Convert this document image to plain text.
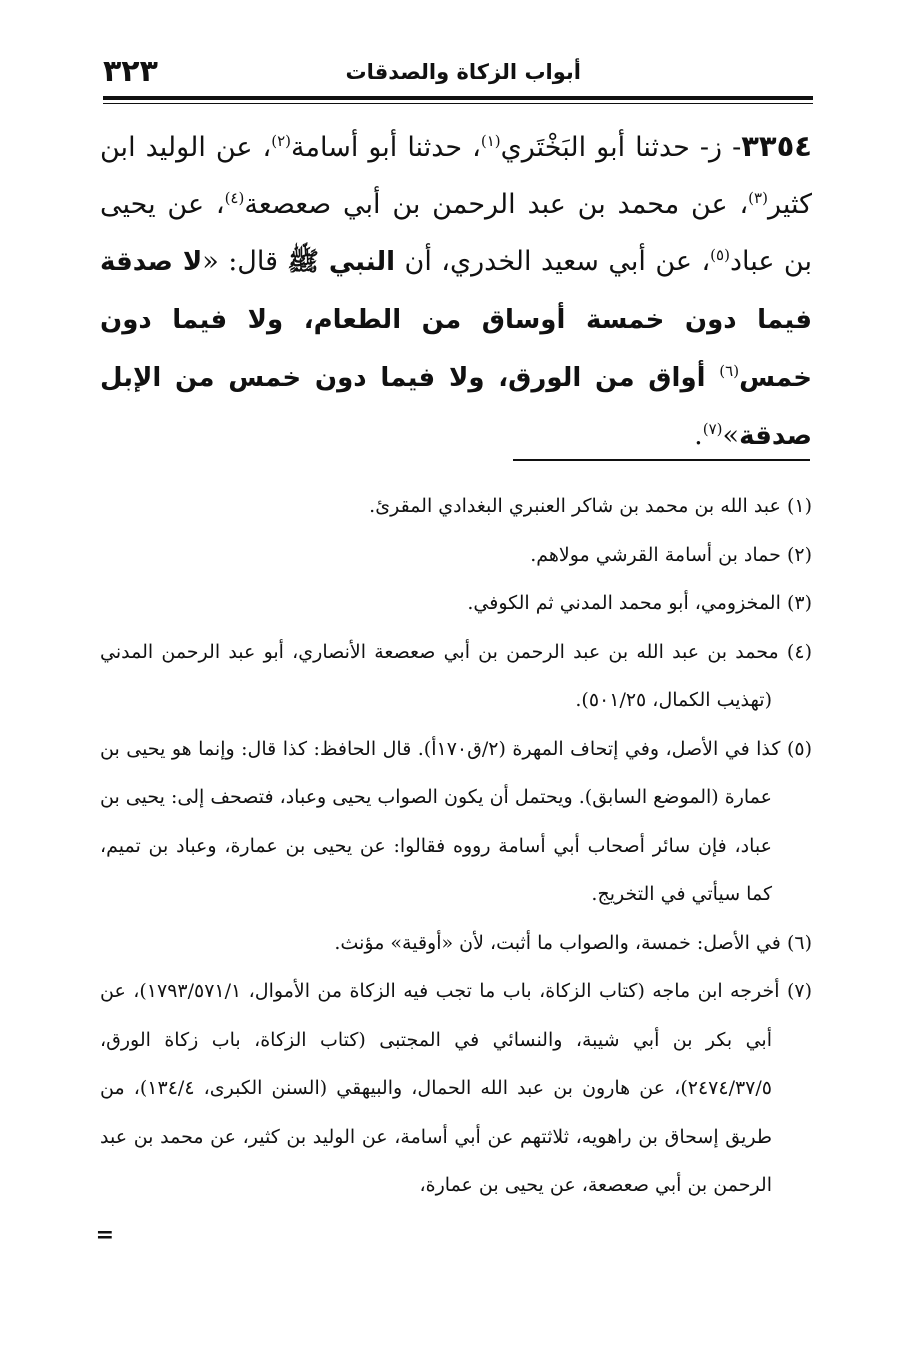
أبواب الزكاة والصدقات
٣٢٣
٣٣٥٤- ز- حدثنا أبو البَخْتَري$^{(١)}$، حدثنا أبو أسامة$^{(٢)}$، عن الوليد ابن كثير$^{(٣)}$، عن محمد بن عبد الرحمن بن أبي صعصعة$^{(٤)}$، عن يحيى بن عباد$^{(٥)}$، عن أبي سعيد الخدري، أن النبي ﷺ قال: «لا صدقة فيما دون خمسة أوساق من الطعام، ولا فيما دون خمس$^{(٦)}$ أواق من الورق، ولا فيما دون خمس من الإبل صدقة»$^{(٧)}$.

(١) عبد الله بن محمد بن شاكر العنبري البغدادي المقرئ.

(٢) حماد بن أسامة القرشي مولاهم.

(٣) المخزومي، أبو محمد المدني ثم الكوفي.

(٤) محمد بن عبد الله بن عبد الرحمن بن أبي صعصعة الأنصاري، أبو عبد الرحمن المدني (تهذيب الكمال، ٥٠١/٢٥).

(٥) كذا في الأصل، وفي إتحاف المهرة (٢/ق١٧٠أ). قال الحافظ: كذا قال: وإنما هو يحيى بن عمارة (الموضع السابق). ويحتمل أن يكون الصواب يحيى وعباد، فتصحف إلى: يحيى بن عباد، فإن سائر أصحاب أبي أسامة رووه فقالوا: عن يحيى بن عمارة، وعباد بن تميم، كما سيأتي في التخريج.

(٦) في الأصل: خمسة، والصواب ما أثبت، لأن «أوقية» مؤنث.

(٧) أخرجه ابن ماجه (كتاب الزكاة، باب ما تجب فيه الزكاة من الأموال، ١٧٩٣/٥٧١/١)، عن أبي بكر بن أبي شيبة، والنسائي في المجتبى (كتاب الزكاة، باب زكاة الورق، ٢٤٧٤/٣٧/٥)، عن هارون بن عبد الله الحمال، والبيهقي (السنن الكبرى، ١٣٤/٤)، من طريق إسحاق بن راهويه، ثلاثتهم عن أبي أسامة، عن الوليد بن كثير، عن محمد بن عبد الرحمن بن أبي صعصعة، عن يحيى بن عمارة،

=
